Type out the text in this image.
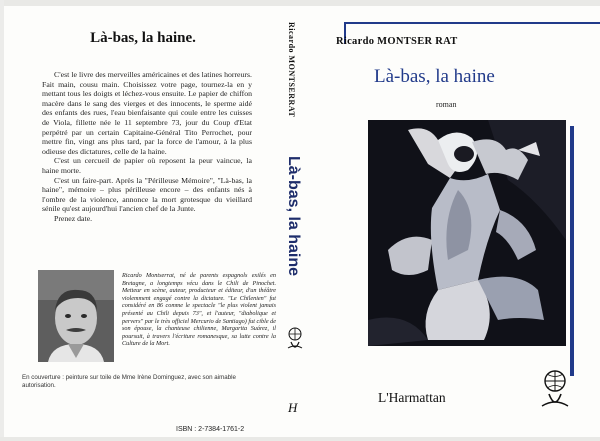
Là-bas, la haine.

C'est le livre des merveilles américaines et des latines horreurs. Fait main, cousu main. Choisissez votre page, tournez-la en y mettant tous les doigts et léchez-vous ensuite. Le papier de chiffon macère dans le sang des vierges et des innocents, le sperme aidé des enfants des rues, l'eau bienfaisante qui coule entre les cuisses de Viola, fillette née le 11 septembre 73, jour du Coup d'Etat perpétré par un certain Capitaine-Général Tito Perrochet, pour mettre fin, vingt ans plus tard, par la force de l'amour, à la plus odieuse des dictatures, celle de la haine.

C'est un cercueil de papier où reposent la peur vaincue, la haine morte.

C'est un faire-part. Après la "Périlleuse Mémoire", "Là-bas, la haine", mémoire – plus périlleuse encore – des enfants nés à l'ombre de la violence, annonce la mort grotesque du vieillard sénile qu'est aujourd'hui l'ancien chef de la Junte.

Prenez date.

Ricardo Montserrat, né de parents espagnols exilés en Bretagne, a longtemps vécu dans le Chili de Pinochet. Metteur en scène, auteur, producteur et éditeur, d'un théâtre violemment engagé contre la dictature. "Le Chilenien" fut considéré en 86 comme le spectacle "le plus violent jamais présenté au Chili depuis 73", et l'auteur, "diabolique et pervers" par le très officiel Mercurio de Santiago) fut cible de son épouse, la chanteuse chilienne, Margarita Suárez, il poursuit, à travers l'écriture romanesque, sa lutte contre la Culture de la Mort.
En couverture : peinture sur toile de Mme Irène Dominguez, avec son aimable autorisation.
ISBN : 2-7384-1761-2
Ricardo MONTSERRAT
Là-bas, la haine
H
Ricardo MONTSER RAT
Là-bas, la haine
roman
L'Harmattan
